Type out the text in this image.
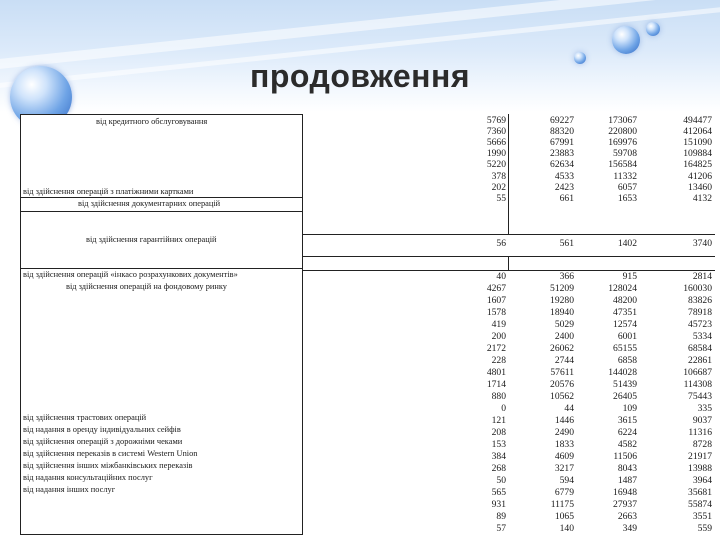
продовження
від кредитного обслуговування
від здійснення операцій з платіжними картками
від здійснення документарних операцій
від здійснення гарантійних операцій
від здійснення операцій «інкасо розрахункових документів»
від здійснення операцій на фондовому ринку
від здійснення трастових операцій
від надання в оренду індивідуальних сейфів
від здійснення операцій з дорожніми чеками
від здійснення переказів в системі Western Union
від здійснення інших міжбанківських переказів
від надання консультаційних послуг
від надання інших послуг
5769
7360
5666
1990
5220
378
202
55
56
40
4267
1607
1578
419
200
2172
228
4801
1714
880
0
121
208
153
384
268
50
565
931
89
57
69227
88320
67991
23883
62634
4533
2423
661
561
366
51209
19280
18940
5029
2400
26062
2744
57611
20576
10562
44
1446
2490
1833
4609
3217
594
6779
11175
1065
140
173067
220800
169976
59708
156584
11332
6057
1653
1402
915
128024
48200
47351
12574
6001
65155
6858
144028
51439
26405
109
3615
6224
4582
11506
8043
1487
16948
27937
2663
349
494477
412064
151090
109884
164825
41206
13460
4132
3740
2814
160030
83826
78918
45723
5334
68584
22861
106687
114308
75443
335
9037
11316
8728
21917
13988
3964
35681
55874
3551
559
